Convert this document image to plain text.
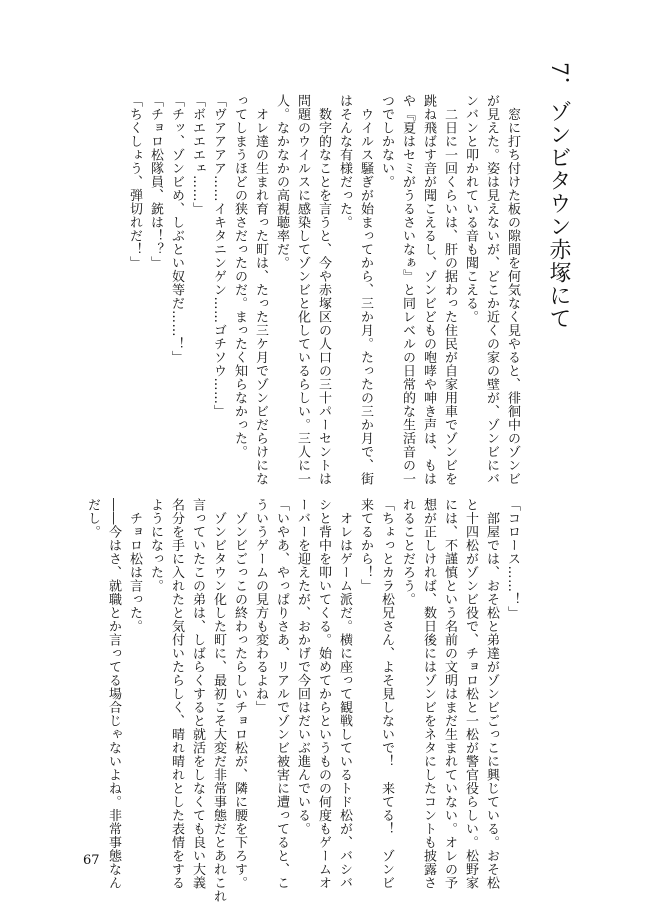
7．ゾンビタウン赤塚にて
　窓に打ち付けた板の隙間を何気なく見やると、徘徊中のゾンビ
が見えた。姿は見えないが、どこか近くの家の壁が、ゾンビにバ
ンバンと叩かれている音も聞こえる。
　二日に一回くらいは、肝の据わった住民が自家用車でゾンビを
跳ね飛ばす音が聞こえるし、ゾンビどもの咆哮や呻き声は、もは
や『夏はセミがうるさいなぁ』と同レベルの日常的な生活音の一
つでしかない。
　ウイルス騒ぎが始まってから、三か月。たったの三か月で、街
はそんな有様だった。
　数字的なことを言うと、今や赤塚区の人口の三十パーセントは
問題のウイルスに感染してゾンビと化しているらしい。三人に一
人。なかなかの高視聴率だ。
　オレ達の生まれ育った町は、たった三ケ月でゾンビだらけにな
ってしまうほどの狭さだったのだ。まったく知らなかった。
「ヴアアアア……イキタニンゲン……ゴチソウ……」
「ボエエエェ……」
「チッ、ゾンビめ、しぶとい奴等だ……！」
「チョロ松隊員、銃は！？」
「ちくしょう、弾切れだ！」
「コロース……！」
　部屋では、おそ松と弟達がゾンビごっこに興じている。おそ松
と十四松がゾンビ役で、チョロ松と一松が警官役らしい。松野家
には、不謹慎という名前の文明はまだ生まれていない。オレの予
想が正しければ、数日後にはゾンビをネタにしたコントも披露さ
れることだろう。
「ちょっとカラ松兄さん、よそ見しないで！　来てる！　ゾンビ
来てるから！」
　オレはゲーム派だ。横に座って観戦しているトド松が、バシバ
シと背中を叩いてくる。始めてからというものの何度もゲームオ
ーバーを迎えたが、おかげで今回はだいぶ進んでいる。
「いやあ、やっぱりさあ、リアルでゾンビ被害に遭ってると、こ
ういうゲームの見方も変わるよね」
　ゾンビごっこの終わったらしいチョロ松が、隣に腰を下ろす。
　ゾンビタウン化した町に、最初こそ大変だ非常事態だとあれこれ
言っていたこの弟は、しばらくすると就活をしなくても良い大義
名分を手に入れたと気付いたらしく、晴れ晴れとした表情をする
ようになった。
　チョロ松は言った。
――今はさ、就職とか言ってる場合じゃないよね。非常事態なん
だし。
67
